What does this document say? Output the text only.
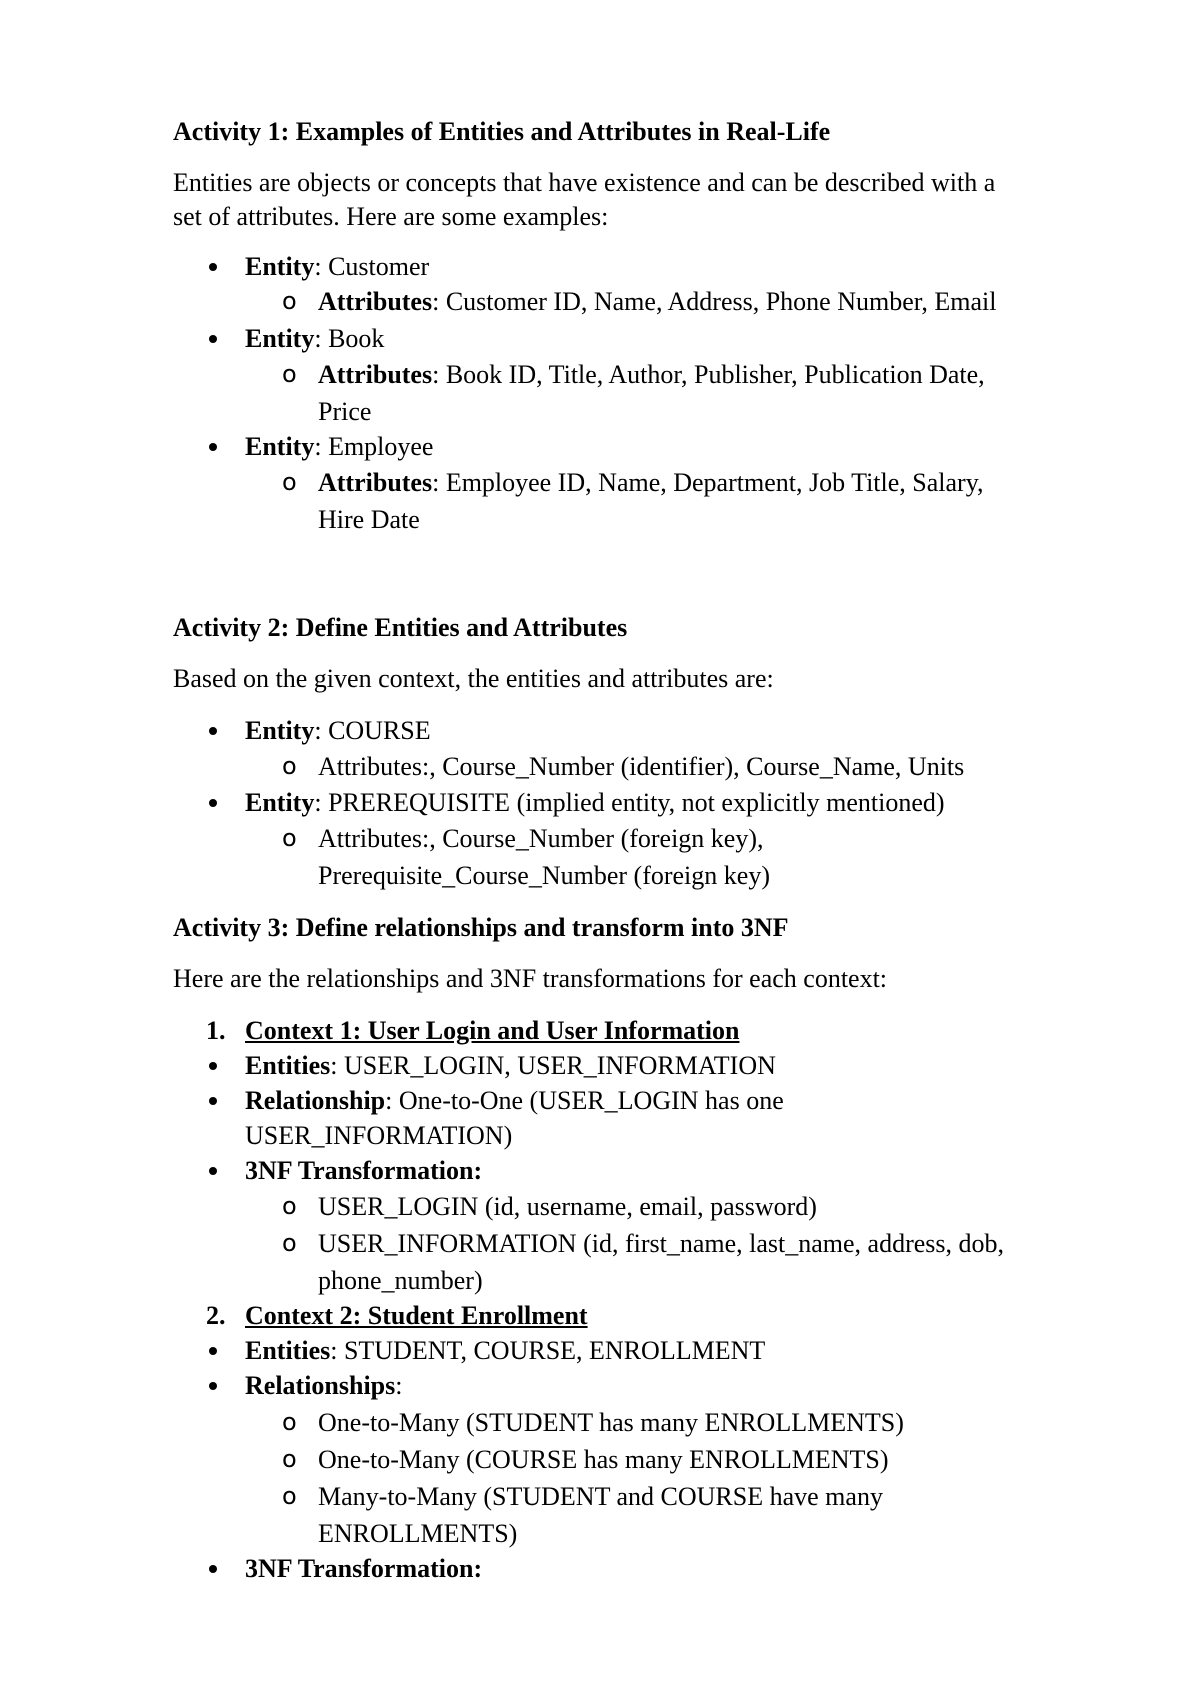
Activity 1: Examples of Entities and Attributes in Real-Life
Entities are objects or concepts that have existence and can be described with a
set of attributes. Here are some examples:
Entity: Customer
o Attributes: Customer ID, Name, Address, Phone Number, Email
Entity: Book
o Attributes: Book ID, Title, Author, Publisher, Publication Date,
Price
Entity: Employee
o Attributes: Employee ID, Name, Department, Job Title, Salary,
Hire Date
Activity 2: Define Entities and Attributes
Based on the given context, the entities and attributes are:
Entity: COURSE
o Attributes:, Course_Number (identifier), Course_Name, Units
Entity: PREREQUISITE (implied entity, not explicitly mentioned)
o Attributes:, Course_Number (foreign key),
Prerequisite_Course_Number (foreign key)
Activity 3: Define relationships and transform into 3NF
Here are the relationships and 3NF transformations for each context:
1. Context 1: User Login and User Information
Entities: USER_LOGIN, USER_INFORMATION
Relationship: One-to-One (USER_LOGIN has one
USER_INFORMATION)
3NF Transformation:
o USER_LOGIN (id, username, email, password)
o USER_INFORMATION (id, first_name, last_name, address, dob,
phone_number)
2. Context 2: Student Enrollment
Entities: STUDENT, COURSE, ENROLLMENT
Relationships:
o One-to-Many (STUDENT has many ENROLLMENTS)
o One-to-Many (COURSE has many ENROLLMENTS)
o Many-to-Many (STUDENT and COURSE have many
ENROLLMENTS)
3NF Transformation:
